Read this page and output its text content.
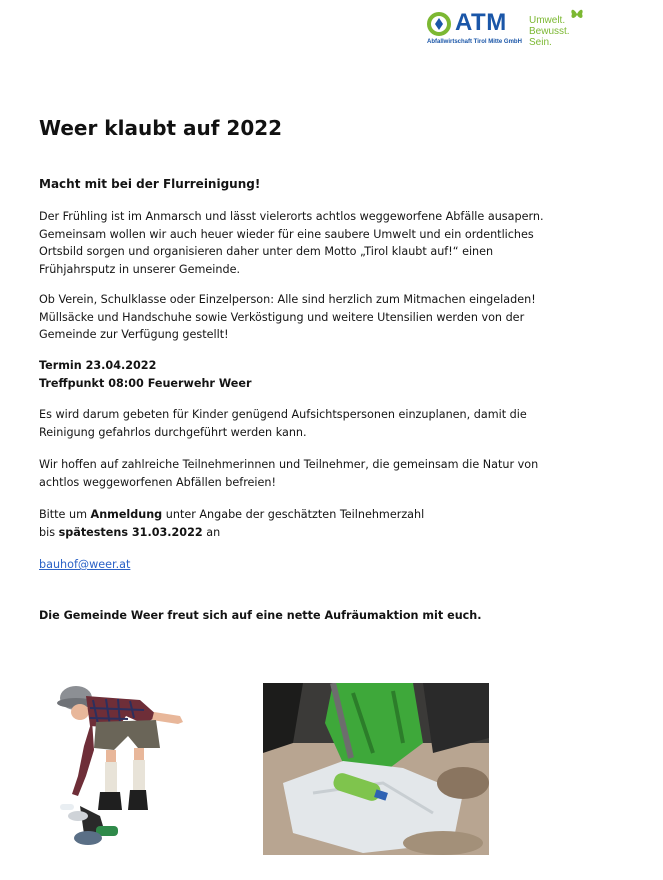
ATM
Abfallwirtschaft Tirol Mitte GmbH
Umwelt.
Bewusst.
Sein.
Weer klaubt auf 2022
Macht mit bei der Flurreinigung!
Der Frühling ist im Anmarsch und lässt vielerorts achtlos weggeworfene Abfälle ausapern.
Gemeinsam wollen wir auch heuer wieder für eine saubere Umwelt und ein ordentliches
Ortsbild sorgen und organisieren daher unter dem Motto „Tirol klaubt auf!“ einen
Frühjahrsputz in unserer Gemeinde.
Ob Verein, Schulklasse oder Einzelperson: Alle sind herzlich zum Mitmachen eingeladen!
Müllsäcke und Handschuhe sowie Verköstigung und weitere Utensilien werden von der
Gemeinde zur Verfügung gestellt!
Termin 23.04.2022
Treffpunkt 08:00 Feuerwehr Weer
Es wird darum gebeten für Kinder genügend Aufsichtspersonen einzuplanen, damit die
Reinigung gefahrlos durchgeführt werden kann.
Wir hoffen auf zahlreiche Teilnehmerinnen und Teilnehmer, die gemeinsam die Natur von
achtlos weggeworfenen Abfällen befreien!
Bitte um Anmeldung unter Angabe der geschätzten Teilnehmerzahl
bis spätestens 31.03.2022 an
bauhof@weer.at
Die Gemeinde Weer freut sich auf eine nette Aufräumaktion mit euch.
